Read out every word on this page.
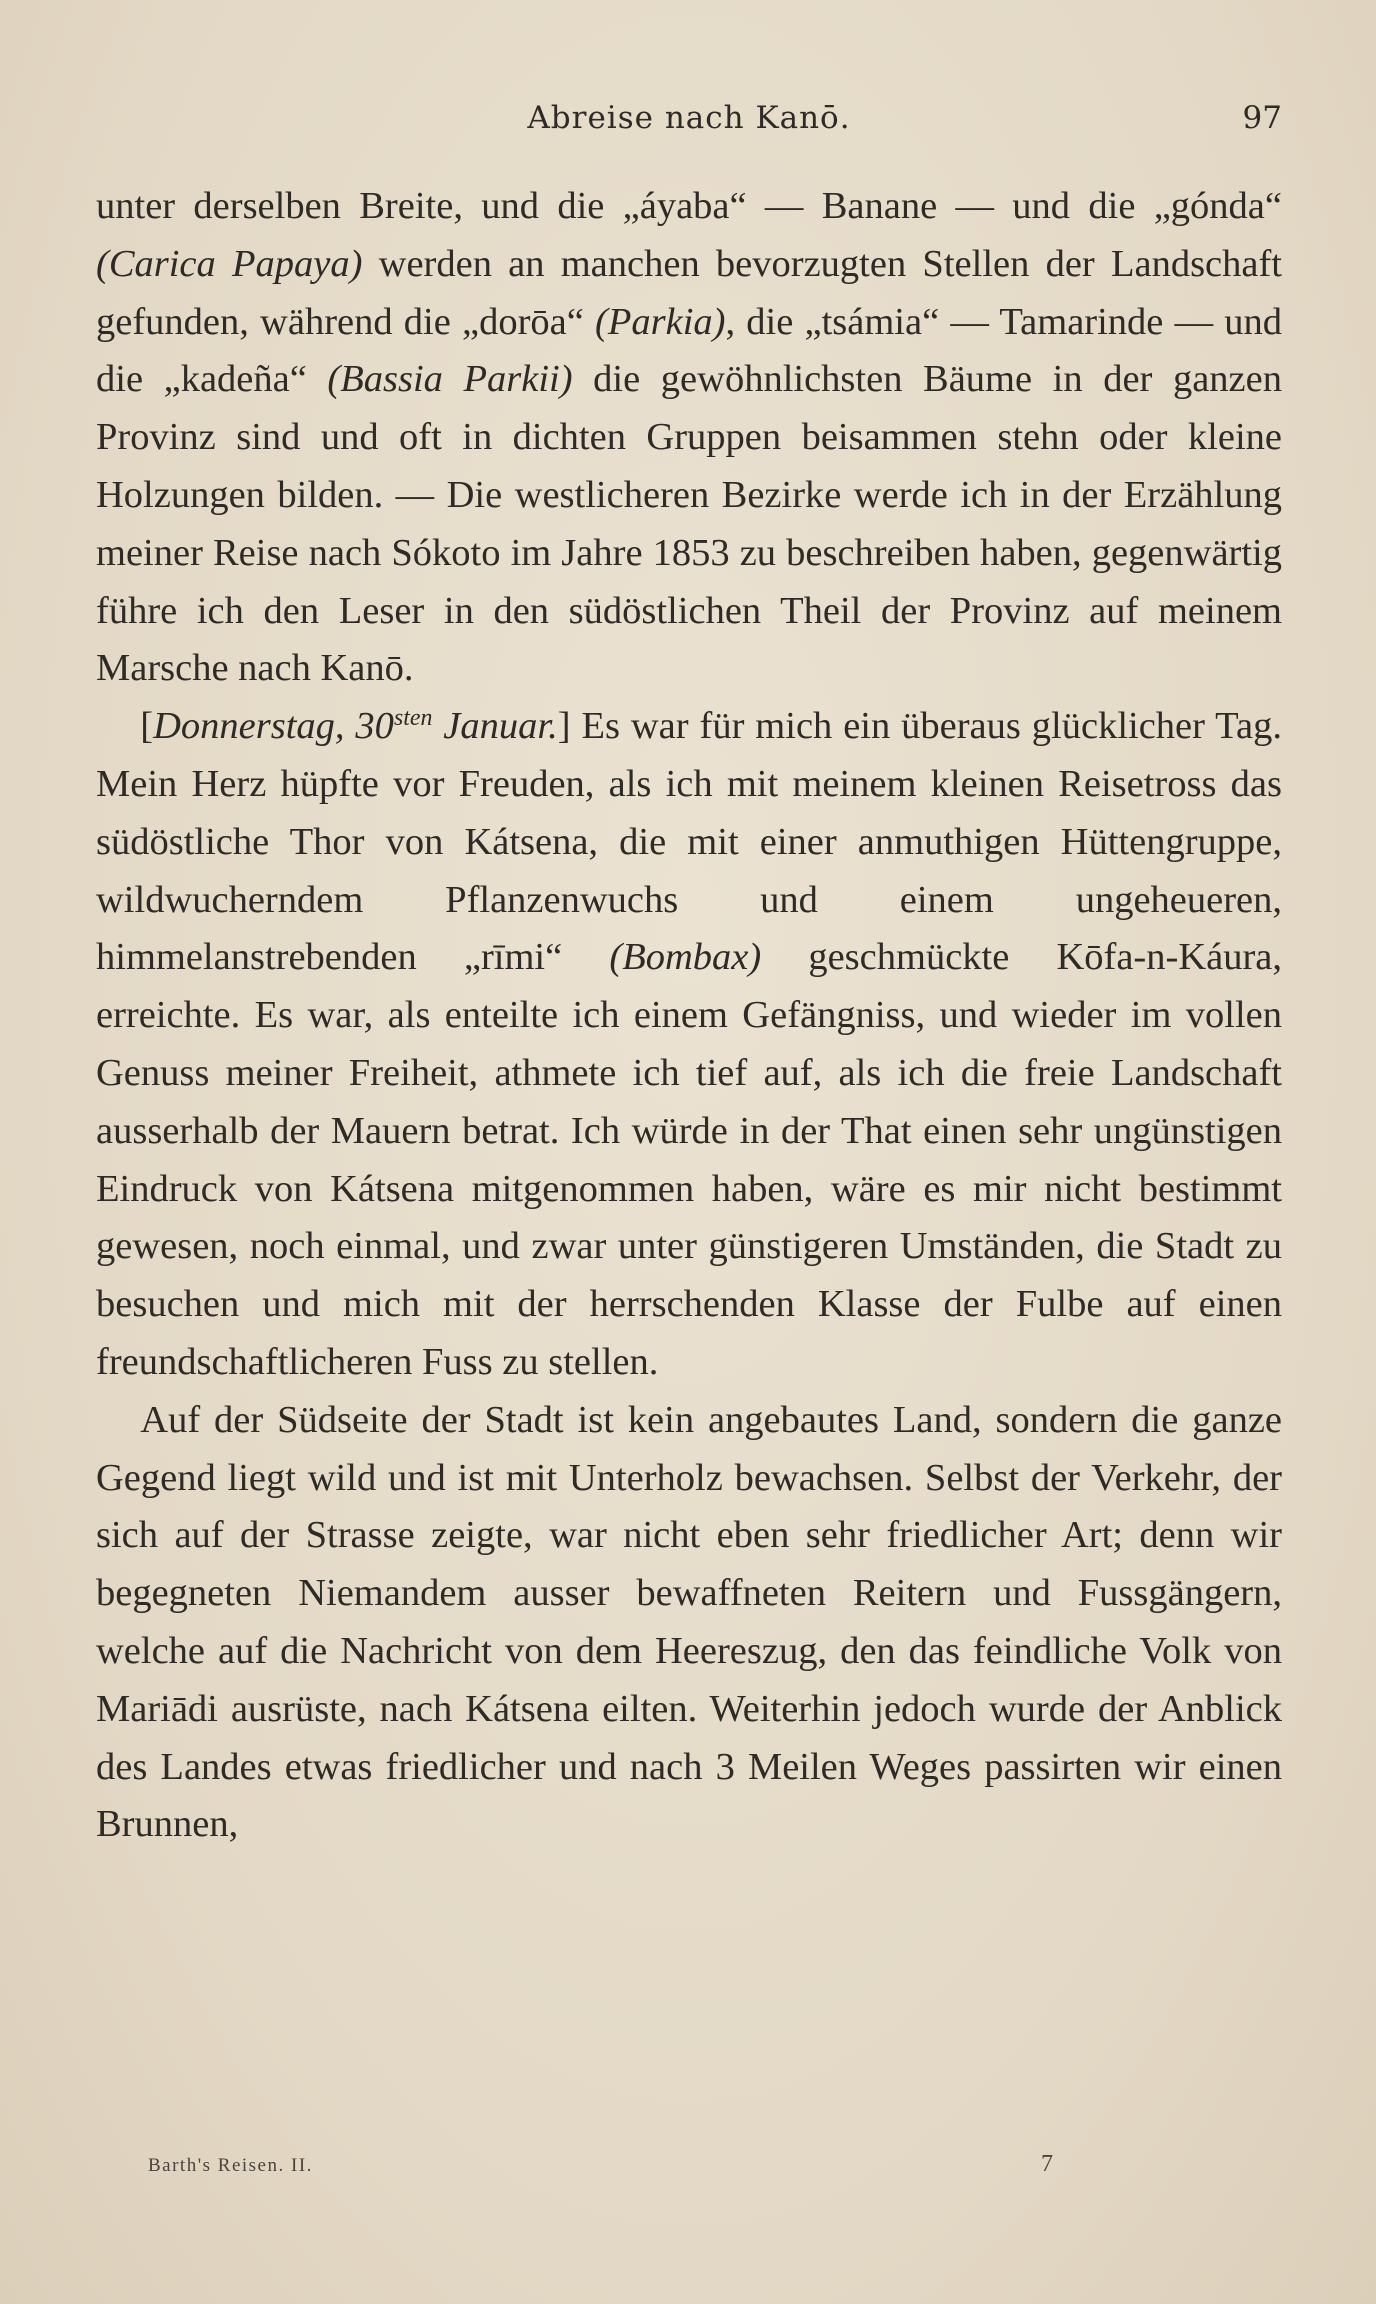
Abreise nach Kanō.	97

unter derselben Breite, und die „áyaba“ — Banane — und die „gónda“ (Carica Papaya) werden an manchen bevorzugten Stellen der Landschaft gefunden, während die „dorōa“ (Parkia), die „tsámia“ — Tamarinde — und die „kadeña“ (Bassia Parkii) die gewöhnlichsten Bäume in der ganzen Provinz sind und oft in dichten Gruppen beisammen stehn oder kleine Holzungen bilden. — Die westlicheren Bezirke werde ich in der Erzählung meiner Reise nach Sókoto im Jahre 1853 zu beschreiben haben, gegenwärtig führe ich den Leser in den südöstlichen Theil der Provinz auf meinem Marsche nach Kanō.

[Donnerstag, $30^{sten}$ Januar.] Es war für mich ein überaus glücklicher Tag. Mein Herz hüpfte vor Freuden, als ich mit meinem kleinen Reisetross das südöstliche Thor von Kátsena, die mit einer anmuthigen Hüttengruppe, wildwucherndem Pflanzenwuchs und einem ungeheueren, himmelanstrebenden „rīmi“ (Bombax) geschmückte Kōfa-n-Káura, erreichte. Es war, als enteilte ich einem Gefängniss, und wieder im vollen Genuss meiner Freiheit, athmete ich tief auf, als ich die freie Landschaft ausserhalb der Mauern betrat. Ich würde in der That einen sehr ungünstigen Eindruck von Kátsena mitgenommen haben, wäre es mir nicht bestimmt gewesen, noch einmal, und zwar unter günstigeren Umständen, die Stadt zu besuchen und mich mit der herrschenden Klasse der Fulbe auf einen freundschaftlicheren Fuss zu stellen.

Auf der Südseite der Stadt ist kein angebautes Land, sondern die ganze Gegend liegt wild und ist mit Unterholz bewachsen. Selbst der Verkehr, der sich auf der Strasse zeigte, war nicht eben sehr friedlicher Art; denn wir begegneten Niemandem ausser bewaffneten Reitern und Fussgängern, welche auf die Nachricht von dem Heereszug, den das feindliche Volk von Mariādi ausrüste, nach Kátsena eilten. Weiterhin jedoch wurde der Anblick des Landes etwas friedlicher und nach 3 Meilen Weges passirten wir einen Brunnen,

Barth's Reisen. II.	7
